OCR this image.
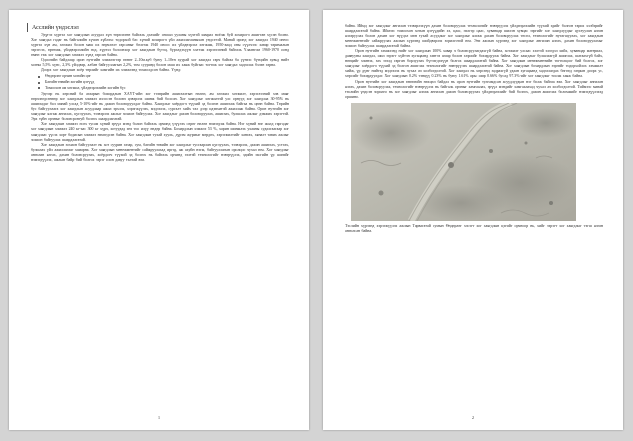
Асслийн үндэслэл

Эдүгээ хүртэл хог хаягдлын асуудал хүн төрөлхтөн байгаль дэлхийг оношл ууланы хүчтэй хямрал ноёлж буй хохирогч ашигтан хүсэн болно. Хог хаягдал гадаг нь байгалийн хүчин хүйлэхс тодорхой бас хүний хохирогч үйл ажиллагааныхан ундсэтэй. Манай оронд хог хаягдал 1940 онеос хүртэл хүн ам, хөгжил болон маш их өөрчлөлт гарсаныг бөлгөж 1940 оноос их үйлдвэрлэл хөгжиж, 1950-ааад оны сүүлчээс хавар тарималын зэрэгсэх, өртөмж, үйлдвэрлэлийн гид, хүртэл болсонхор хог хаягдлын бүтэц, бүрэлдэхүүн хэлтэж хэрэглээний байгаль Үлаангом 1960-1970 оонд өмнө гэж хог хаягдлын хэмжээ хүнд гарсан байна.

Одоогийн байдлаар орон нутгийн хэмжээгээр өөнөт 2–10м.куб буюу 1–10тн хуурай хог хаягдал гарч байгаа ба үүнээс бүтцийн хувьд нийт хогны 5,5% хүнс, 2,3% үйлдвэр, албан байгууллагын 2,2%, том сууринд болон маш их хаяж буйгаас тогтож хог хаягдал хадгалах бэлэн гарна.

Доорх хог хаягдлын хоёр төрлийг хамгийн их хэмжээнд тохиолдсон байна. Үүнд:

Өндөрлөг орчин хогийн цэг
Багийн төвийн хогийн цэгүүд
Томоохон ам хөгжил, үйлдвэрлэлийн хогийн бүс

Эдгээр нь хөрсний ба агаарын бохирдлын ХАҮТ-ийн хог тээврийн ашиглалтын нөлөө, ам хөгжил хотжилт, хэрэглээний хэв маяг өөрчлөгдсөнөөр хог хаягдлын хэмжээ ихэссэн боловч цэвэрлэх шинж бий болсон. Хог хаягдлыг хөгжилтэй улс орнууд хог хаягдлаа 30-95% нь ашигладаг бол манай улсад 5-10%-ийг нь дахин боловсруулдаг байна. Хаягдлыг хоёрдогч түүхий эд болгон ашиглаж байгаа нь цөөн байна. Төрийн бус байгууллага хог хаягдлын асуудлаар ажил эрхлэх, хэрэгжүүлэх, мэдээлэх, сургалт хийх тал дээр идэвхитэй ажиллаж байна. Орон нутгийн хог хаягдлыг ялгаж ангилах, цуглуулах, тээвэрлэх ажлыг зохион байгуулах. Хог хаягдлыг дахин боловсруулах, ашиглах, булшлах ажлыг дэмжих хэрэгтэй. Эрх зүйн орчныг боловсронгуй болгох шаардлагатай.

Хог хаягдлын хэмжээ өсөх тусам хүний эрүүл мэнд болон байгаль орчинд үзүүлэх сөрөг нөлөө нэмэгдэж байна. Нэг хүний нэг жилд гаргадаг хог хаягдлын хэмжээ 240 кг-аас 300 кг хүрч, хотуудад энэ тоо илүү өндөр байна. Бохирдлын хэмжээ 53 %, харин шинжлэх ухааны судалгаагаар хог хаягдлаас үүсэх хорт бодисын хэмжээ нэмэгдсэн байна. Хог хаягдлын тухай хууль, дүрэм журмыг мөрдөх, хэрэгжилтийг хангах, хяналт тавих ажлыг зохион байгуулах шаардлагатай.

Хог хаягдлын зохион байгуулалт нь хот суурин газар, сум, багийн төвийн хог хаягдлыг тусгаарлан цуглуулах, тээвэрлэх, дахин ашиглах, устгах, булшлах үйл ажиллагааг хамарна. Хог хаягдлын менежментийг сайжруулахад иргэд, аж ахуйн нэгж, байгууллагын оролцоо чухал юм. Хог хаягдлыг ангилан ялгах, дахин боловсруулах, хоёрдогч түүхий эд болгох нь байгаль орчинд ээлтэй технологийг нэвтрүүлэх, эдийн засгийн үр ашгийг нэмэгдүүлэх, ажлын байр бий болгох зэрэг олон давуу талтай юм.

1

байна. Иймд хог хаягдлыг ангилан тээвэрлэхүүн дахин боловсруулах технологийг нэвтрүүлэх үйлдвэрлэлийн түүхий эдийг болгон тарих хэлбэрийг шаардлагатай байна. Иймээс томоохон хотын цэгүүдийн хэ, цаас, гилгэр цаас, хуванцар шилэн хувцас зэргийг хог хаягдлуудыг цуглуулан ялган ялгаруулах болон дахин хог нүүдэл мөн тухай асуудлыг хог хаягдлыг ялгаж дахин боловсруулах төсөл, технологийг нутагшуулах, хог хаягдлын менежментийг сайжруулах ажлын хүрээнд шийдвэрлэх зорилготой юм. Энэ ажлын хүрээнд хог хаягдлыг ангилан ялгах, дахин боловсруулахыг зохион байгуулах шаардлагатай байна.

Орон нутгийн хэмжээнд нийт хог хаягдлын 100% хавар ч боловсруулагдахгүй байна, хотжилт улсаас хэлтэй элэгдэл хийх, хуванцар материал, даавууны хаягдал, шил зэрэгт хүйтэн хугацаанд хэвтээ агаар болон хөрсийг бохирдуулж байна. Хог хаягдлыг булшлахгүй ашиглах, шатаахгүй байх, нөөцийг хэмнэх, зах зээлд гарган борлуулах бүтээгдэхүүн болгох шаардлагатай байна. Хог хаягдлын менежментийн тогтолцоог бий болгох, хог хаягдлыг хоёрдогч түүхий эд болгон ашиглах технологийг нэвтрүүлэх шаардлагатай байна. Хог хаягдлын бохирдлын зэргийг тодорхойлох хэмжилт хийж, үр дүнг нийтэд мэдээлэх нь чухал ач холбогдолтой. Хог хаягдал нь хөрсөнд задрахгүй удаан хугацаанд хадгалагдах бөгөөд газрын доорх ус, хөрсийг бохирдуулдаг. Хог хаягдлын 0.2% тэнцүү 0.23% нь буюу 1.61% арьс шир 0.66% бусад 97.3%-ийг хог хаягдлыг тоолж хаяж байна.

Орон нутгийн хог хаягдлын өнөөгийн нөхцөл байдал нь орон нутгийн тулгамдсан асуудлуудын нэг болж байгаа юм. Хог хаягдлыг ангилан ялгах, дахин боловсруулах, технологийг нэвтрүүлэх нь байгаль орчныг хамгаалах, эрүүл мэндийг хамгаалахад чухал ач холбогдолтой. Тиймээс манай төслийн үндсэн зорилго нь хог хаягдлыг ялгаж ангилан дахин боловсруулах үйлдвэрлэлийг бий болгох, дахин ашиглах боломжийг нэмэгдүүлэхэд оршино.

Тэслийн хүрээнд хэрэгжүүлэх ажлын Тарвагатай сумын Өндөрлөг хэсэгт хог хаягдлын цэгийг орчноор нь, хийг зэрэгт хог хаягдлыг тэгш ялган ангилсан байна.

2
